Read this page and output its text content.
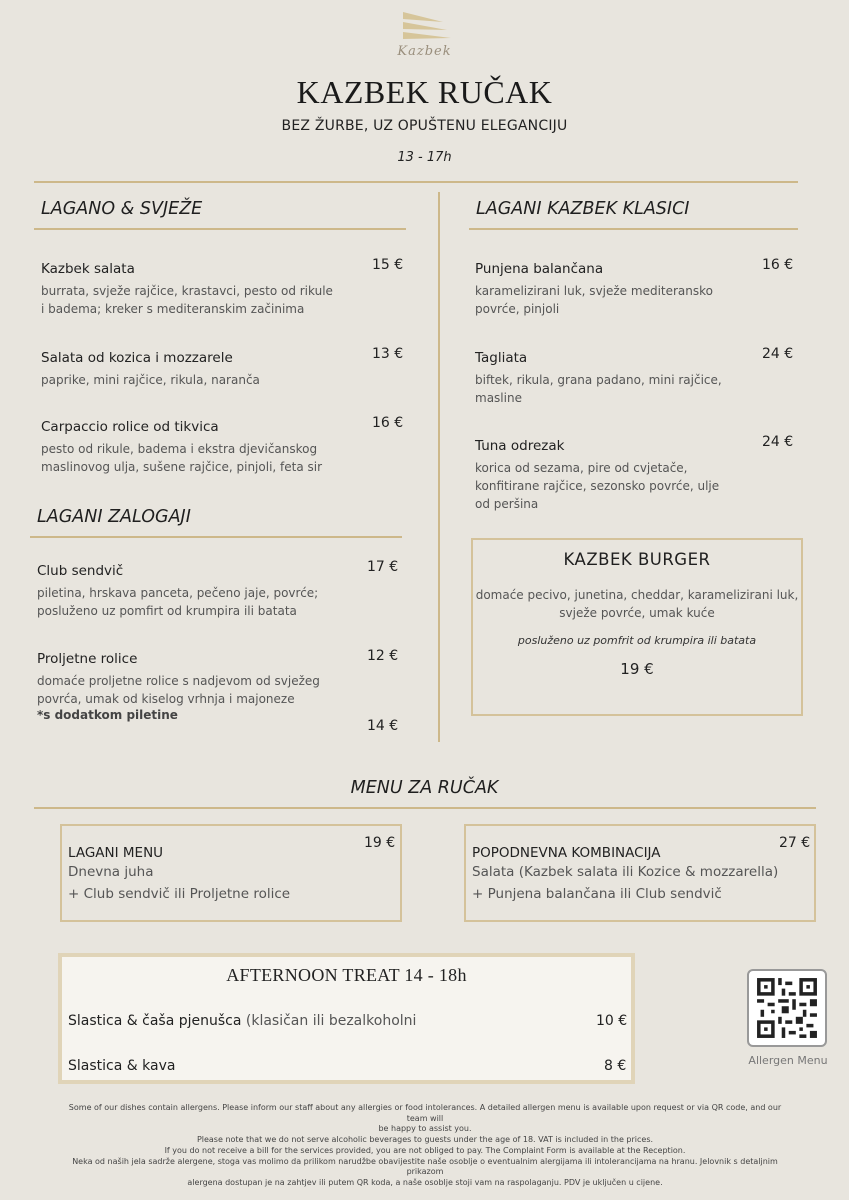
Kazbek
KAZBEK RUČAK
BEZ ŽURBE, UZ OPUŠTENU ELEGANCIJU
13 - 17h
LAGANO & SVJEŽE
Kazbek salata
burrata, svježe rajčice, krastavci, pesto od rikule
i badema; kreker s mediteranskim začinima
15 €
Salata od kozica i mozzarele
paprike, mini rajčice, rikula, naranča
13 €
Carpaccio rolice od tikvica
pesto od rikule, badema i ekstra djevičanskog
maslinovog ulja, sušene rajčice, pinjoli, feta sir
16 €
LAGANI ZALOGAJI
Club sendvič
piletina, hrskava panceta, pečeno jaje, povrće;
posluženo uz pomfirt od krumpira ili batata
17 €
Proljetne rolice
domaće proljetne rolice s nadjevom od svježeg
povrća, umak od kiselog vrhnja i majoneze
*s dodatkom piletine
12 €
14 €
LAGANI KAZBEK KLASICI
Punjena balančana
karamelizirani luk, svježe mediteransko
povrće, pinjoli
16 €
Tagliata
biftek, rikula, grana padano, mini rajčice,
masline
24 €
Tuna odrezak
korica od sezama, pire od cvjetače,
konfitirane rajčice, sezonsko povrće, ulje
od peršina
24 €
KAZBEK BURGER
domaće pecivo, junetina, cheddar, karamelizirani luk,
svježe povrće, umak kuće
posluženo uz pomfrit od krumpira ili batata
19 €
MENU ZA RUČAK
19 €
LAGANI MENU
Dnevna juha
+ Club sendvič ili Proljetne rolice
27 €
POPODNEVNA KOMBINACIJA
Salata (Kazbek salata ili Kozice & mozzarella)
+ Punjena balančana ili Club sendvič
AFTERNOON TREAT 14 - 18h
Slastica & čaša pjenušca (klasičan ili bezalkoholni	10 €
Slastica & kava	8 €	Allergen Menu
Some of our dishes contain allergens. Please inform our staff about any allergies or food intolerances. A detailed allergen menu is available upon request or via QR code, and our team will
be happy to assist you.
Please note that we do not serve alcoholic beverages to guests under the age of 18. VAT is included in the prices.
If you do not receive a bill for the services provided, you are not obliged to pay. The Complaint Form is available at the Reception.
Neka od naših jela sadrže alergene, stoga vas molimo da prilikom narudžbe obavijestite naše osoblje o eventualnim alergijama ili intolerancijama na hranu. Jelovnik s detaljnim prikazom
alergena dostupan je na zahtjev ili putem QR koda, a naše osoblje stoji vam na raspolaganju. PDV je uključen u cijene.
